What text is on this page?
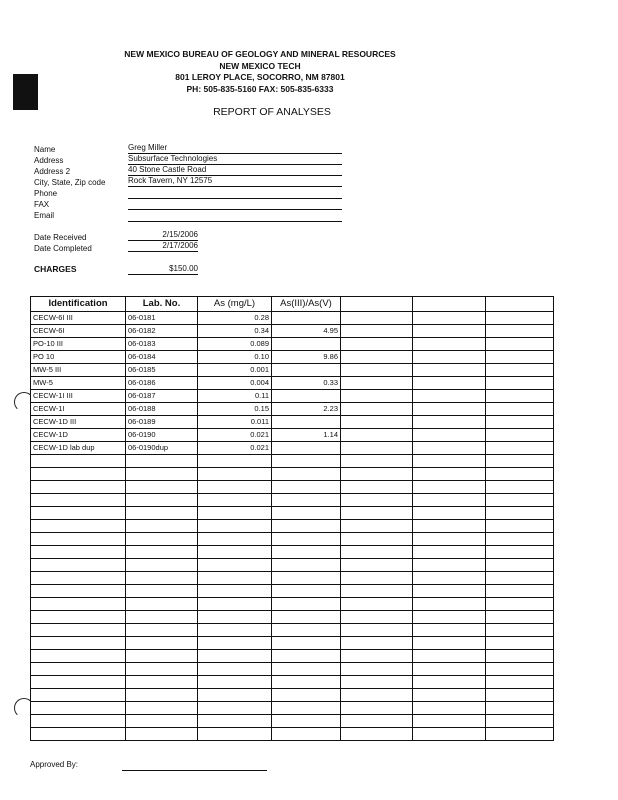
NEW MEXICO BUREAU OF GEOLOGY AND MINERAL RESOURCES
NEW MEXICO TECH
801 LEROY PLACE, SOCORRO, NM 87801
PH: 505-835-5160 FAX: 505-835-6333
REPORT OF ANALYSES
Name	Greg Miller
Address	Subsurface Technologies
Address 2	40 Stone Castle Road
City, State, Zip code	Rock Tavern, NY 12575
Phone
FAX
Email
Date Received	2/15/2006
Date Completed	2/17/2006
CHARGES	$150.00
Identification	Lab. No.	As (mg/L)	As(III)/As(V)			
CECW-6I III	06-0181	0.28				
CECW-6I	06-0182	0.34	4.95			
PO-10 III	06-0183	0.089				
PO 10	06-0184	0.10	9.86			
MW-5 III	06-0185	0.001				
MW-5	06-0186	0.004	0.33			
CECW-1I III	06-0187	0.11				
CECW-1I	06-0188	0.15	2.23			
CECW-1D III	06-0189	0.011				
CECW-1D	06-0190	0.021	1.14			
CECW-1D lab dup	06-0190dup	0.021				

Approved By:
